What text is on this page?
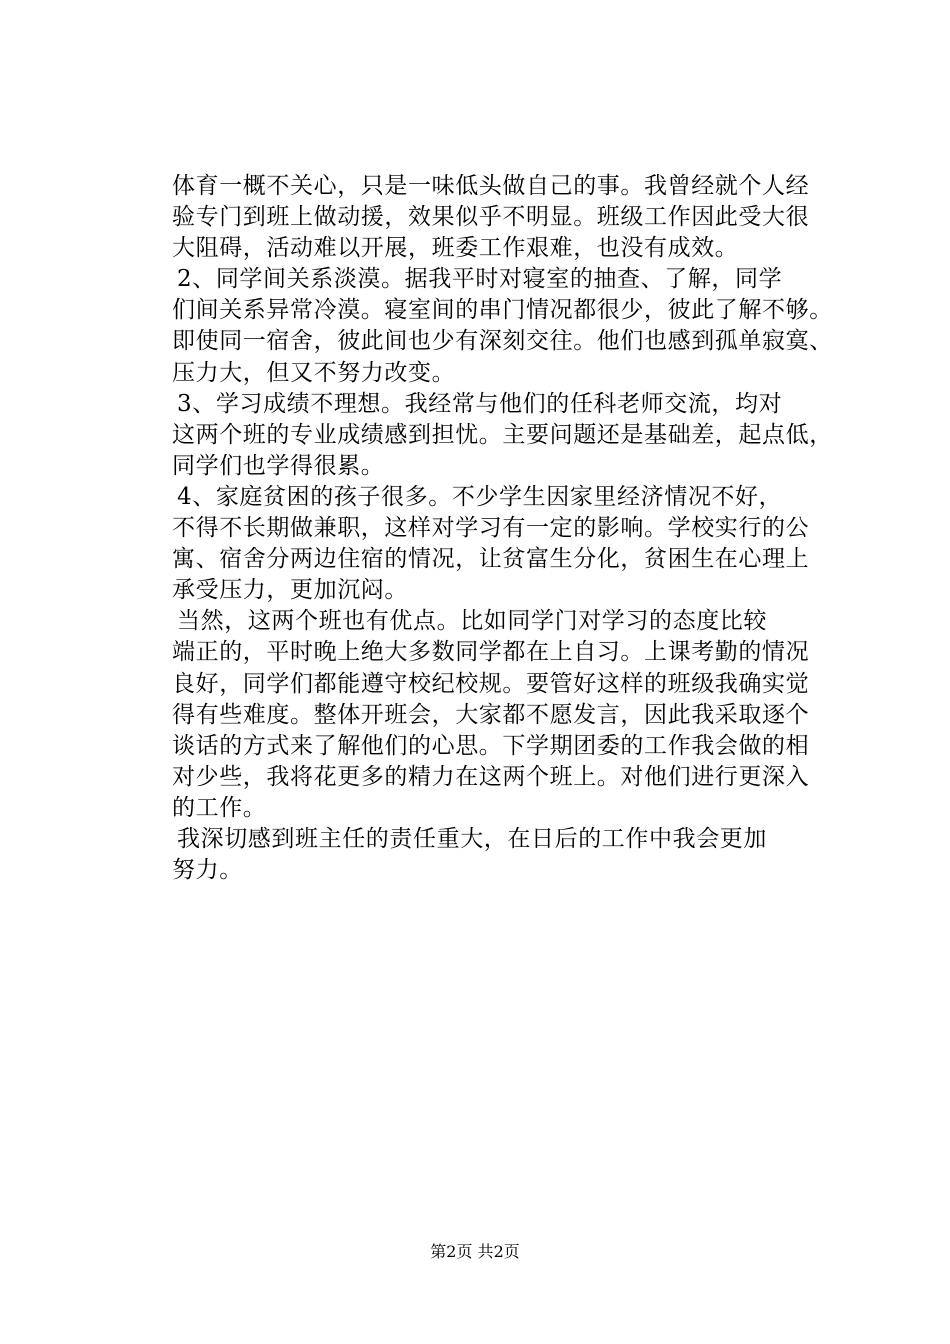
体育一概不关心，只是一味低头做自己的事。我曾经就个人经
验专门到班上做动援，效果似乎不明显。班级工作因此受大很
大阻碍，活动难以开展，班委工作艰难，也没有成效。
2、同学间关系淡漠。据我平时对寝室的抽查、了解，同学
们间关系异常冷漠。寝室间的串门情况都很少，彼此了解不够。
即使同一宿舍，彼此间也少有深刻交往。他们也感到孤单寂寞、
压力大，但又不努力改变。
3、学习成绩不理想。我经常与他们的任科老师交流，均对
这两个班的专业成绩感到担忧。主要问题还是基础差，起点低，
同学们也学得很累。
4、家庭贫困的孩子很多。不少学生因家里经济情况不好，
不得不长期做兼职，这样对学习有一定的影响。学校实行的公
寓、宿舍分两边住宿的情况，让贫富生分化，贫困生在心理上
承受压力，更加沉闷。
当然，这两个班也有优点。比如同学门对学习的态度比较
端正的，平时晚上绝大多数同学都在上自习。上课考勤的情况
良好，同学们都能遵守校纪校规。要管好这样的班级我确实觉
得有些难度。整体开班会，大家都不愿发言，因此我采取逐个
谈话的方式来了解他们的心思。下学期团委的工作我会做的相
对少些，我将花更多的精力在这两个班上。对他们进行更深入
的工作。
我深切感到班主任的责任重大，在日后的工作中我会更加
努力。
第2页 共2页
